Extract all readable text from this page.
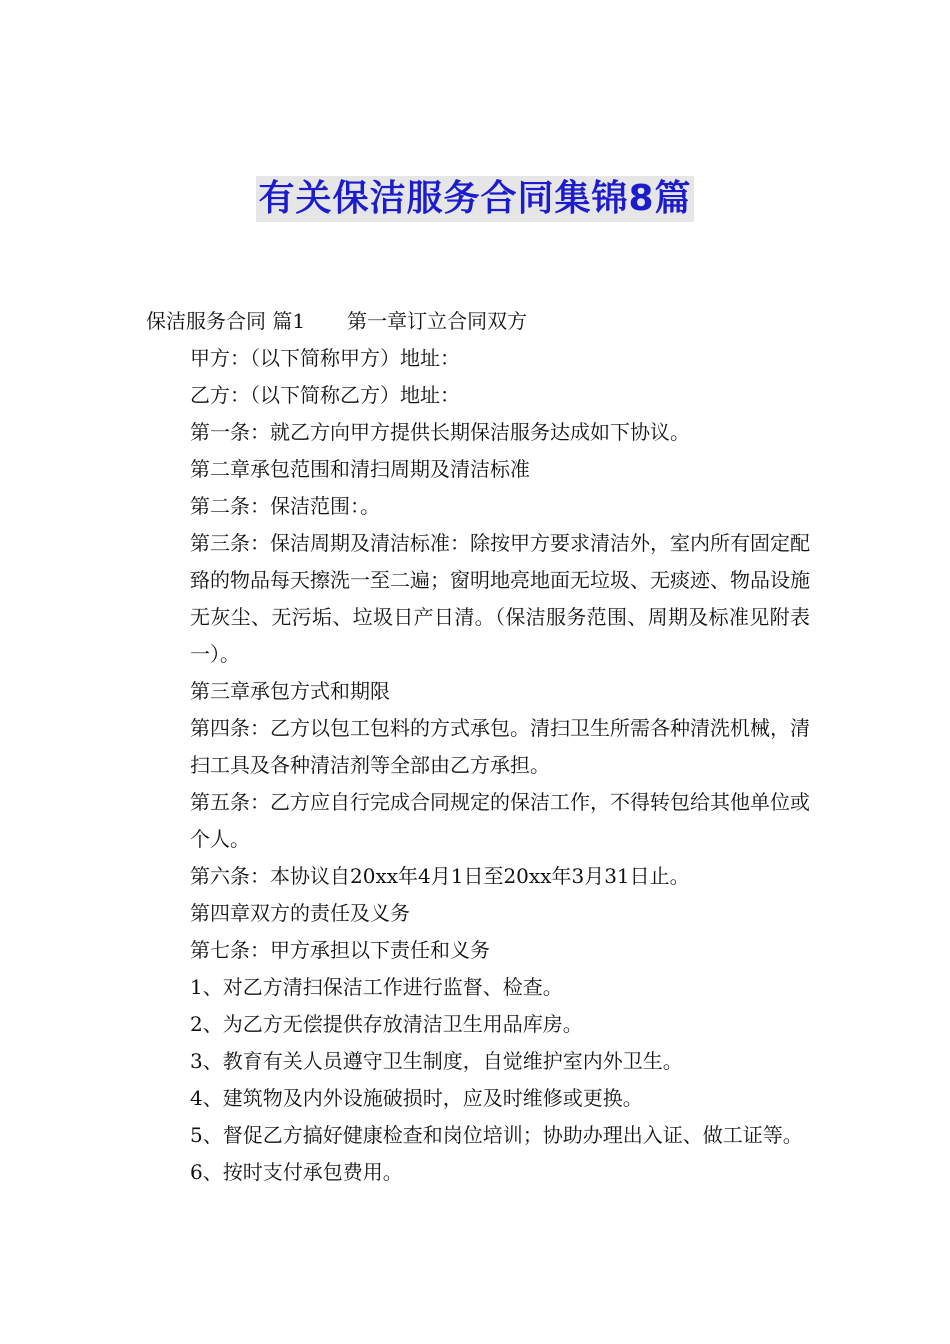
有关保洁服务合同集锦8篇

保洁服务合同 篇1 第一章订立合同双方

甲方：（以下简称甲方）地址：

乙方：（以下简称乙方）地址：

第一条：就乙方向甲方提供长期保洁服务达成如下协议。

第二章承包范围和清扫周期及清洁标准

第二条：保洁范围：。

第三条：保洁周期及清洁标准：除按甲方要求清洁外，室内所有固定配臵的物品每天擦洗一至二遍；窗明地亮地面无垃圾、无痰迹、物品设施无灰尘、无污垢、垃圾日产日清。（保洁服务范围、周期及标准见附表一）。

第三章承包方式和期限

第四条：乙方以包工包料的方式承包。清扫卫生所需各种清洗机械，清扫工具及各种清洁剂等全部由乙方承担。

第五条：乙方应自行完成合同规定的保洁工作，不得转包给其他单位或个人。

第六条：本协议自20xx年4月1日至20xx年3月31日止。

第四章双方的责任及义务

第七条：甲方承担以下责任和义务

1、对乙方清扫保洁工作进行监督、检查。

2、为乙方无偿提供存放清洁卫生用品库房。

3、教育有关人员遵守卫生制度，自觉维护室内外卫生。

4、建筑物及内外设施破损时，应及时维修或更换。

5、督促乙方搞好健康检查和岗位培训；协助办理出入证、做工证等。

6、按时支付承包费用。
